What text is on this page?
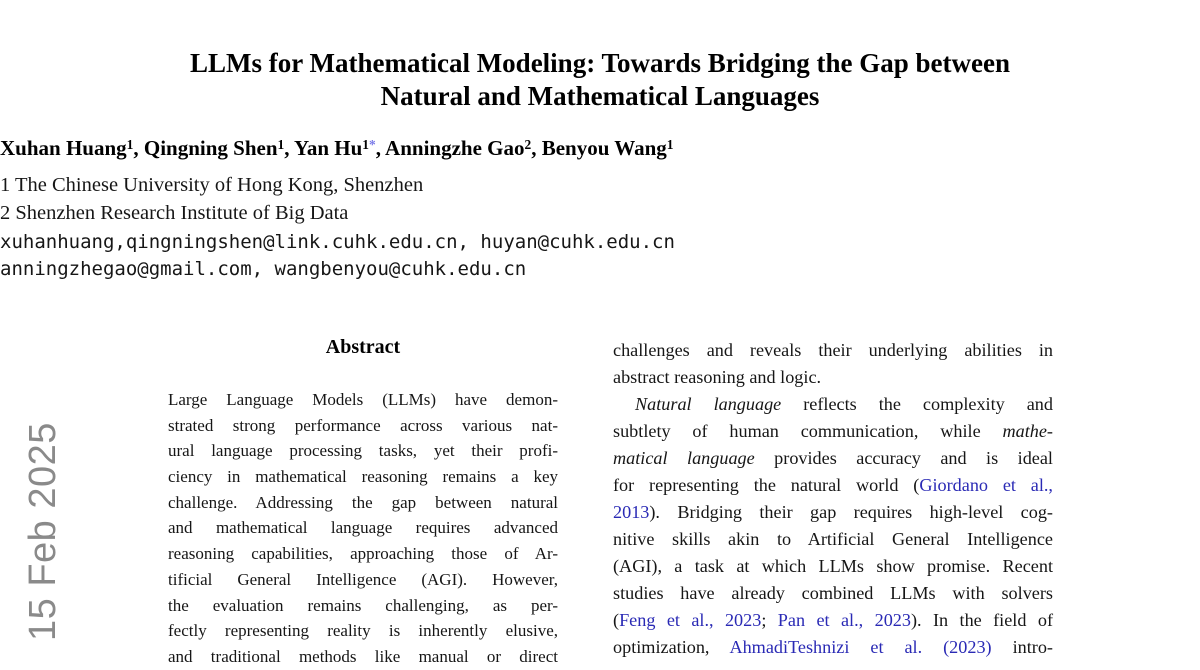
15 Feb 2025
LLMs for Mathematical Modeling: Towards Bridging the Gap between
Natural and Mathematical Languages
Xuhan Huang$^1$, Qingning Shen$^1$, Yan $Hu^{1*}$, Anningzhe Gao$^2$, Benyou Wang$^1$
1 The Chinese University of Hong Kong, Shenzhen
2 Shenzhen Research Institute of Big Data
xuhanhuang,qingningshen@link.cuhk.edu.cn, huyan@cuhk.edu.cn
anningzhegao@gmail.com, wangbenyou@cuhk.edu.cn
Abstract
Large Language Models (LLMs) have demon-
strated strong performance across various nat-
ural language processing tasks, yet their profi-
ciency in mathematical reasoning remains a key
challenge. Addressing the gap between natural
and mathematical language requires advanced
reasoning capabilities, approaching those of Ar-
tificial General Intelligence (AGI). However,
the evaluation remains challenging, as per-
fectly representing reality is inherently elusive,
and traditional methods like manual or direct
challenges and reveals their underlying abilities in
abstract reasoning and logic.
Natural language reflects the complexity and
subtlety of human communication, while mathe-
matical language provides accuracy and is ideal
for representing the natural world (Giordano et al.,
2013). Bridging their gap requires high-level cog-
nitive skills akin to Artificial General Intelligence
(AGI), a task at which LLMs show promise. Recent
studies have already combined LLMs with solvers
(Feng et al., 2023; Pan et al., 2023). In the field of
optimization, AhmadiTeshnizi et al. (2023) intro-
